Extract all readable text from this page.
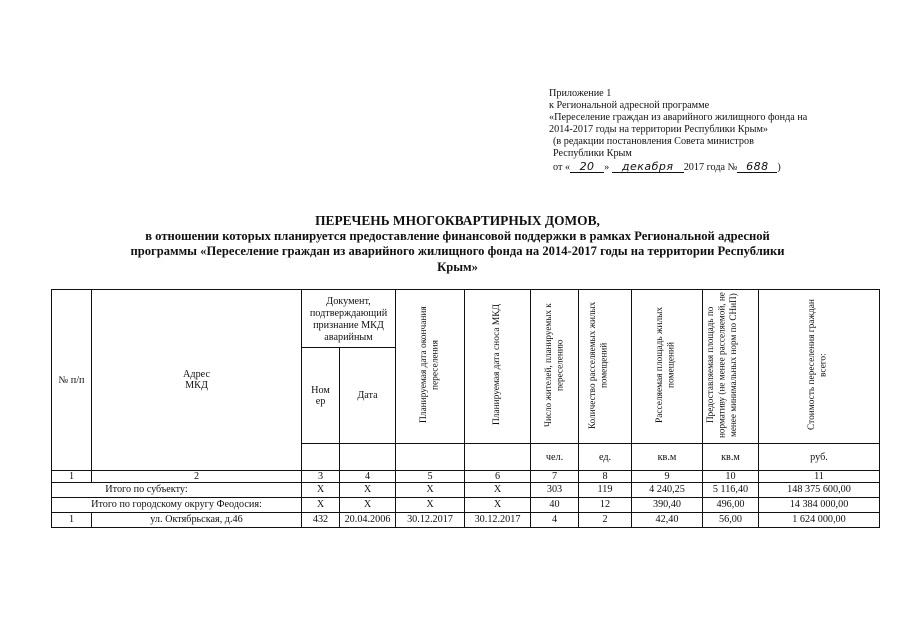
Приложение 1
к Региональной адресной программе
«Переселение граждан из аварийного жилищного фонда на
2014-2017 годы на территории Республики Крым»
(в редакции постановления Совета министров
Республики Крым
от « 20 » декабря 2017 года № 688 )
ПЕРЕЧЕНЬ МНОГОКВАРТИРНЫХ ДОМОВ,
в отношении которых планируется предоставление финансовой поддержки в рамках Региональной адресной
программы «Переселение граждан из аварийного жилищного фонда на 2014-2017 годы на территории Республики
Крым»
№ п/п	Адрес МКД	Документ, подтверждающий признание МКД аварийным		Планируемая дата окончания переселения	Планируемая дата сноса МКД	Число жителей, планируемых к переселению	Количество расселяемых жилых помещений	Расселяемая площадь жилых помещений	Предоставляемая площадь по нормативу (не менее расселяемой, не менее минимальных норм по СНиП)	Стоимость переселения граждан всего:
		Ном ер	Дата							
						чел.	ед.	кв.м	кв.м	руб.
1	2	3	4	5	6	7	8	9	10	11
Итого по субъекту:		X	X	X	X	303	119	4 240,25	5 116,40	148 375 600,00
Итого по городскому округу Феодосия:		X	X	X	X	40	12	390,40	496,00	14 384 000,00
1	ул. Октябрьская, д.46	432	20.04.2006	30.12.2017	30.12.2017	4	2	42,40	56,00	1 624 000,00
